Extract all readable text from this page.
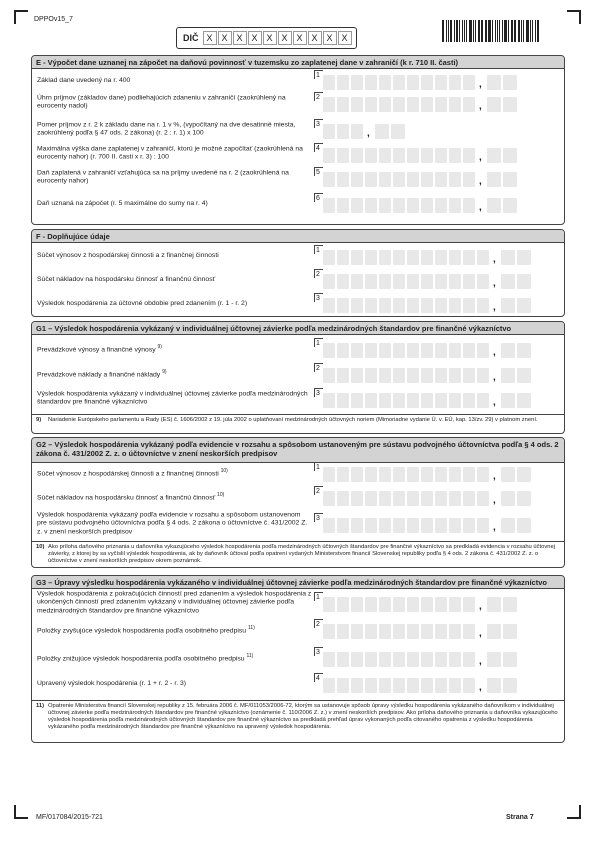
DPPOv15_7
DIČ X X X X X X X X X X
E - Výpočet dane uznanej na zápočet na daňovú povinnosť v tuzemsku zo zaplatenej dane v zahraničí (k r. 710 II. časti)
Základ dane uvedený na r. 400
1
,
Úhrn príjmov (základov dane) podliehajúcich zdaneniu v zahraničí (zaokrúhlený na eurocenty nadol)
2
,
Pomer príjmov z r. 2 k základu dane na r. 1 v %, (vypočítaný na dve desatinné miesta, zaokrúhlený podľa § 47 ods. 2 zákona) (r. 2 : r. 1) x 100
3
,
Maximálna výška dane zaplatenej v zahraničí, ktorú je možné započítať (zaokrúhlená na eurocenty nahor) (r. 700 II. časti x r. 3) : 100
4
,
Daň zaplatená v zahraničí vzťahujúca sa na príjmy uvedené na r. 2 (zaokrúhlená na eurocenty nahor)
5
,
Daň uznaná na zápočet (r. 5 maximálne do sumy na r. 4)
6
,
F - Doplňujúce údaje
Súčet výnosov z hospodárskej činnosti a z finančnej činnosti
1
,
Súčet nákladov na hospodársku činnosť a finančnú činnosť
2
,
Výsledok hospodárenia za účtovné obdobie pred zdanením (r. 1 - r. 2)
3
,
G1 – Výsledok hospodárenia vykázaný v individuálnej účtovnej závierke podľa medzinárodných štandardov pre finančné výkazníctvo
Prevádzkové výnosy a finančné výnosy $^{9)}$
1
,
Prevádzkové náklady a finančné náklady $^{9)}$
2
,
Výsledok hospodárenia vykázaný v individuálnej účtovnej závierke podľa medzinárodných štandardov pre finančné výkazníctvo
3
,
9) Nariadenie Európskeho parlamentu a Rady (ES) č. 1606/2002 z 19. júla 2002 o uplatňovaní medzinárodných účtovných noriem (Mimoriadne vydanie Ú. v. EÚ, kap. 13/zv. 29) v platnom znení.
G2 – Výsledok hospodárenia vykázaný podľa evidencie v rozsahu a spôsobom ustanoveným pre sústavu podvojného účtovníctva podľa § 4 ods. 2 zákona č. 431/2002 Z. z. o účtovníctve v znení neskorších predpisov
Súčet výnosov z hospodárskej činnosti a z finančnej činnosti $^{10)}$
1
,
Súčet nákladov na hospodársku činnosť a finančnú činnosť $^{10)}$
2
,
Výsledok hospodárenia vykázaný podľa evidencie v rozsahu a spôsobom ustanovenom pre sústavu podvojného účtovníctva podľa § 4 ods. 2 zákona o účtovníctve č. 431/2002 Z. z. v znení neskorších predpisov
3
,
10) Ako príloha daňového priznania u daňovníka vykazujúceho výsledok hospodárenia podľa medzinárodných účtovných štandardov pre finančné výkazníctvo sa predkladá evidencia v rozsahu účtovnej závierky, z ktorej by sa vyčíslil výsledok hospodárenia, ak by daňovník účtoval podľa opatrení vydaných Ministerstvom financií Slovenskej republiky podľa § 4 ods. 2 zákona č. 431/2002 Z. z. o účtovníctve v znení neskorších predpisov okrem poznámok.
G3 – Úpravy výsledku hospodárenia vykázaného v individuálnej účtovnej závierke podľa medzinárodných štandardov pre finančné výkazníctvo
Výsledok hospodárenia z pokračujúcich činností pred zdanením a výsledok hospodárenia z ukončených činností pred zdanením vykázaný v individuálnej účtovnej závierke podľa medzinárodných štandardov pre finančné výkazníctvo
1
,
Položky zvyšujúce výsledok hospodárenia podľa osobitného predpisu $^{11)}$
2
,
Položky znižujúce výsledok hospodárenia podľa osobitného predpisu $^{11)}$
3
,
Upravený výsledok hospodárenia (r. 1 + r. 2 - r. 3)
4
,
11) Opatrenie Ministerstva financií Slovenskej republiky z 15. februára 2006 č. MF/011053/2006-72, ktorým sa ustanovuje spôsob úpravy výsledku hospodárenia vykázaného daňovníkom v individuálnej účtovnej závierke podľa medzinárodných štandardov pre finančné výkazníctvo (oznámenie č. 110/2006 Z. z.) v znení neskorších predpisov. Ako príloha daňového priznania u daňovníka vykazujúceho výsledok hospodárenia podľa medzinárodných účtovných štandardov pre finančné výkazníctvo sa predkladá prehľad úprav vykonaných podľa citovaného opatrenia z výsledku hospodárenia vykázaného podľa medzinárodných štandardov pre finančné výkazníctvo na upravený výsledok hospodárenia.
MF/017084/2015-721	Strana 7
